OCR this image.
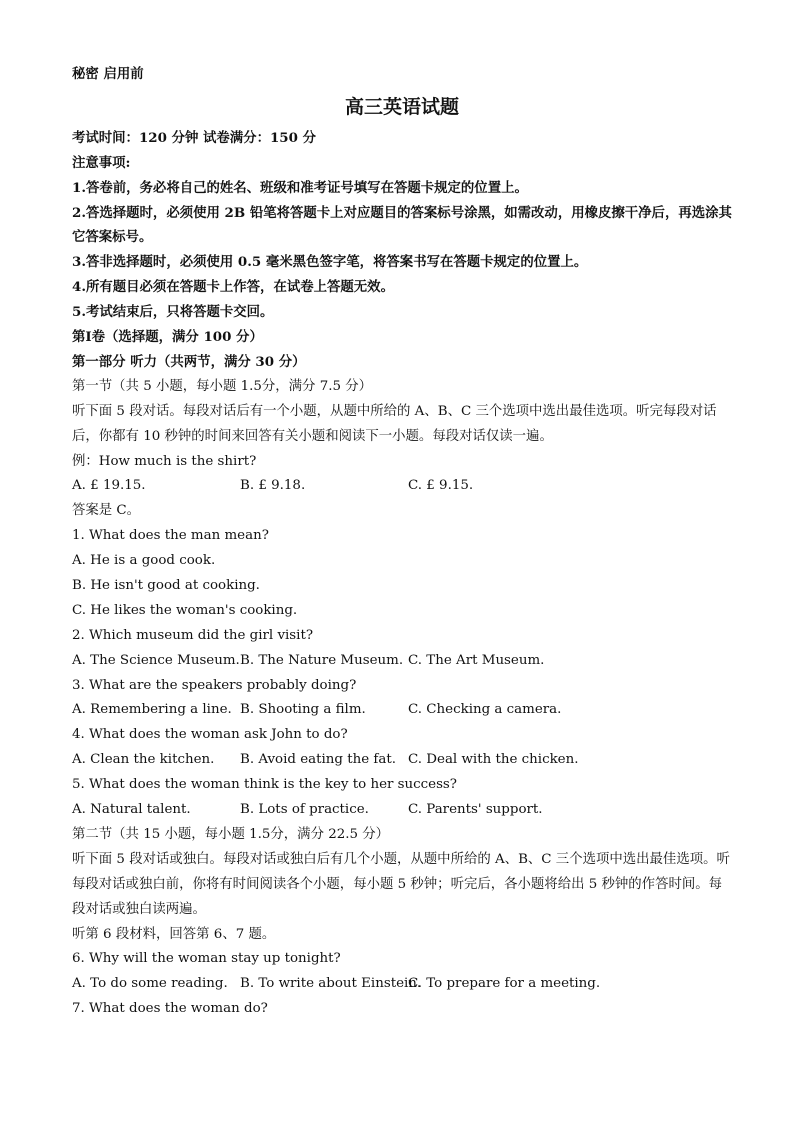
秘密 启用前
高三英语试题
考试时间：120 分钟 试卷满分：150 分
注意事项:
1.答卷前，务必将自己的姓名、班级和准考证号填写在答题卡规定的位置上。
2.答选择题时，必须使用 2B 铅笔将答题卡上对应题目的答案标号涂黑，如需改动，用橡皮擦干净后，再选涂其它答案标号。
3.答非选择题时，必须使用 0.5 毫米黑色签字笔，将答案书写在答题卡规定的位置上。
4.所有题目必须在答题卡上作答，在试卷上答题无效。
5.考试结束后，只将答题卡交回。
第Ⅰ卷（选择题，满分 100 分）
第一部分 听力（共两节，满分 30 分）
第一节（共 5 小题，每小题 1.5分，满分 7.5 分）
听下面 5 段对话。每段对话后有一个小题，从题中所给的 A、B、C 三个选项中选出最佳选项。听完每段对话后，你都有 10 秒钟的时间来回答有关小题和阅读下一小题。每段对话仅读一遍。
例：How much is the shirt?
A. £ 19.15.	B. £ 9.18.	C. £ 9.15.
答案是 C。
1. What does the man mean?
A. He is a good cook.
B. He isn't good at cooking.
C. He likes the woman's cooking.
2. Which museum did the girl visit?
A. The Science Museum. B. The Nature Museum. C. The Art Museum.
3. What are the speakers probably doing?
A. Remembering a line. B. Shooting a film.	C. Checking a camera.
4. What does the woman ask John to do?
A. Clean the kitchen. B. Avoid eating the fat. C. Deal with the chicken.
5. What does the woman think is the key to her success?
A. Natural talent.	B. Lots of practice.	C. Parents' support.
第二节（共 15 小题，每小题 1.5分，满分 22.5 分）
听下面 5 段对话或独白。每段对话或独白后有几个小题，从题中所给的 A、B、C 三个选项中选出最佳选项。听每段对话或独白前，你将有时间阅读各个小题，每小题 5 秒钟；听完后，各小题将给出 5 秒钟的作答时间。每段对话或独白读两遍。
听第 6 段材料，回答第 6、7 题。
6. Why will the woman stay up tonight?
A. To do some reading. B. To write about Einstein.
C. To prepare for a meeting.
7. What does the woman do?
